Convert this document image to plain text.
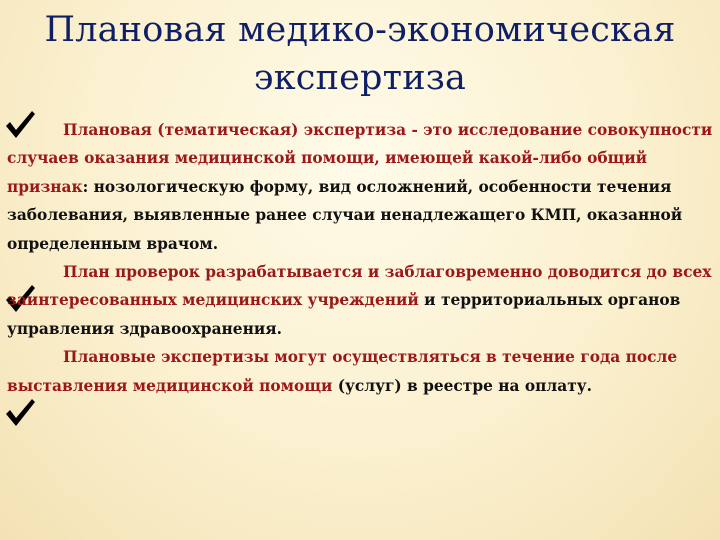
Плановая медико-экономическая
экспертиза

Плановая (тематическая) экспертиза - это исследование совокупности случаев оказания медицинской помощи, имеющей какой-либо общий признак: нозологическую форму, вид осложнений, особенности течения заболевания, выявленные ранее случаи ненадлежащего КМП, оказанной определенным врачом.

План проверок разрабатывается и заблаговременно доводится до всех заинтересованных медицинских учреждений и территориальных органов управления здравоохранения.

Плановые экспертизы могут осуществляться в течение года после выставления медицинской помощи (услуг) в реестре на оплату.
